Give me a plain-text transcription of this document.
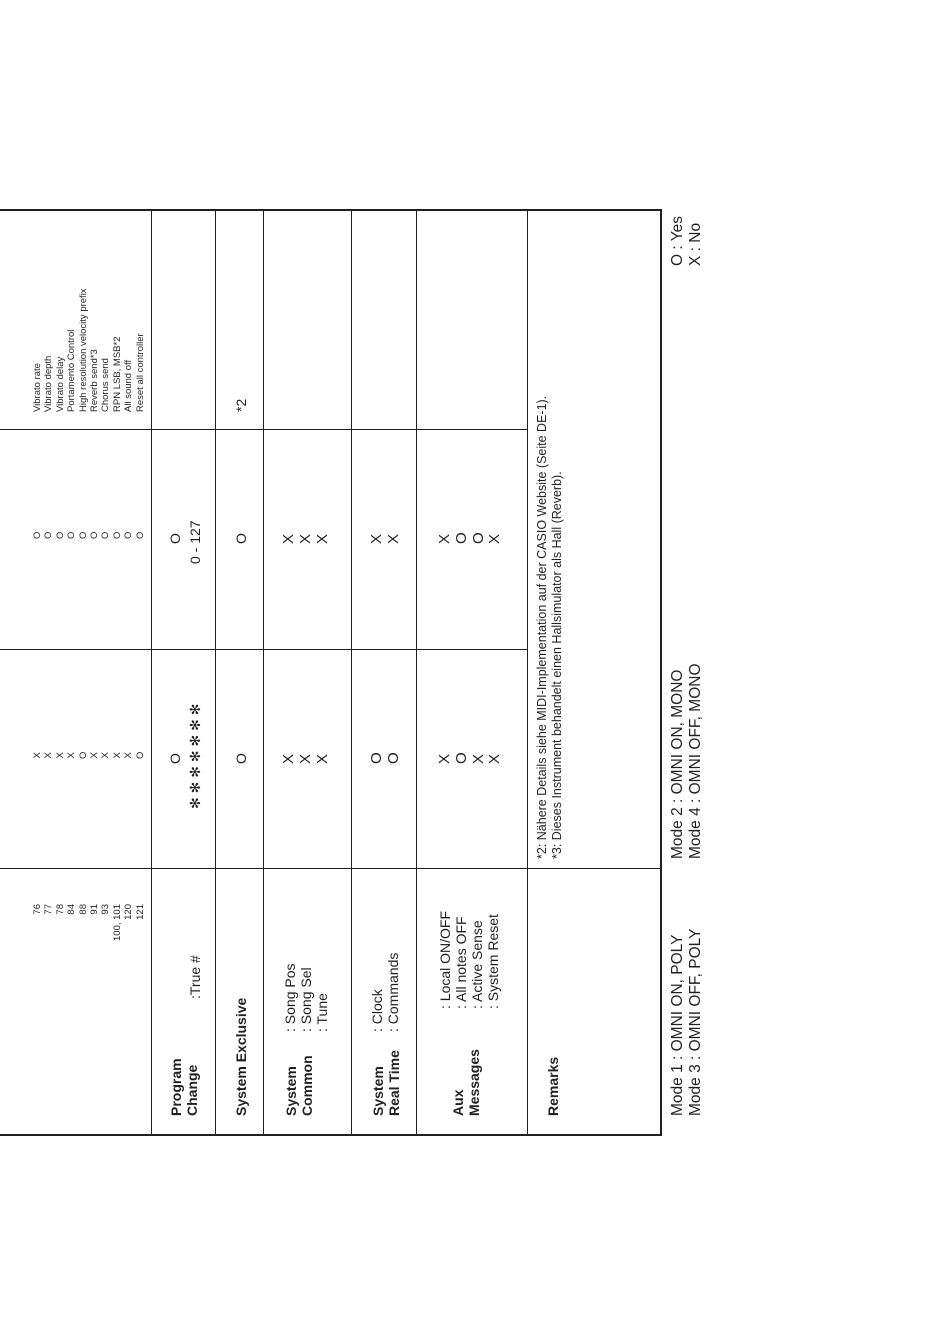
76
77
78
84
88
91
93
100, 101
120
121
X
X
X
X
O
X
X
X
X
O
O
O
O
O
O
O
O
O
O
O
Vibrato rate
Vibrato depth
Vibrato delay
Portamento Control
High resolution velocity prefix
Reverb send*3
Chorus send
RPN LSB, MSB*2
All sound off
Reset all controller
Program
Change
:True #
O ✻ ✻ ✻ ✻ ✻ ✻ ✻
O 0 - 127
System Exclusive
O
O
*2
System
Common
: Song Pos
: Song Sel
: Tune
X
X
X
X
X
X
System
Real Time
: Clock
: Commands
O
O
X
X
Aux
Messages
: Local ON/OFF
: All notes OFF
: Active Sense
: System Reset
X
O
X
X
X
O
O
X
Remarks
*2: Nähere Details siehe MIDI-Implementation auf der CASIO Website (Seite DE-1).
*3: Dieses Instrument behandelt einen Hallsimulator als Hall (Reverb).
Mode 1 : OMNI ON, POLY
Mode 3 : OMNI OFF, POLY
Mode 2 : OMNI ON, MONO
Mode 4 : OMNI OFF, MONO
O : Yes
X : No
